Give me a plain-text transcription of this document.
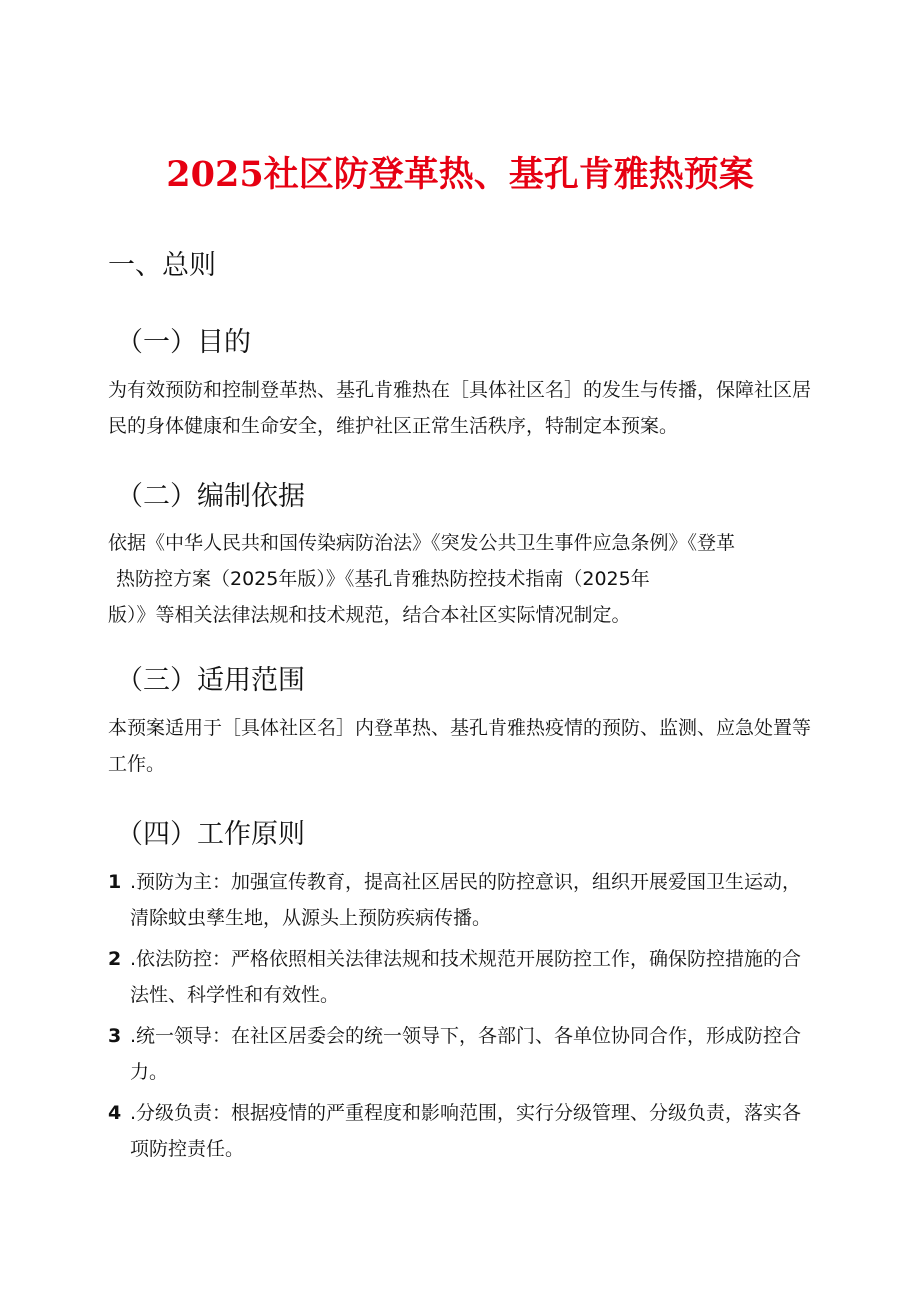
2025社区防登革热、基孔肯雅热预案
一、总则
（一）目的

为有效预防和控制登革热、基孔肯雅热在［具体社区名］的发生与传播，保障社区居民的身体健康和生命安全，维护社区正常生活秩序，特制定本预案。

（二）编制依据
依据《中华人民共和国传染病防治法》《突发公共卫生事件应急条例》《登革
热防控方案（2025年版）》《基孔肯雅热防控技术指南（2025年
版）》等相关法律法规和技术规范，结合本社区实际情况制定。
（三）适用范围

本预案适用于［具体社区名］内登革热、基孔肯雅热疫情的预防、监测、应急处置等工作。

（四）工作原则
1 .预防为主：加强宣传教育，提高社区居民的防控意识，组织开展爱国卫生运动，清除蚊虫孳生地，从源头上预防疾病传播。
2 .依法防控：严格依照相关法律法规和技术规范开展防控工作，确保防控措施的合法性、科学性和有效性。
3 .统一领导：在社区居委会的统一领导下，各部门、各单位协同合作，形成防控合力。
4 .分级负责：根据疫情的严重程度和影响范围，实行分级管理、分级负责，落实各项防控责任。
